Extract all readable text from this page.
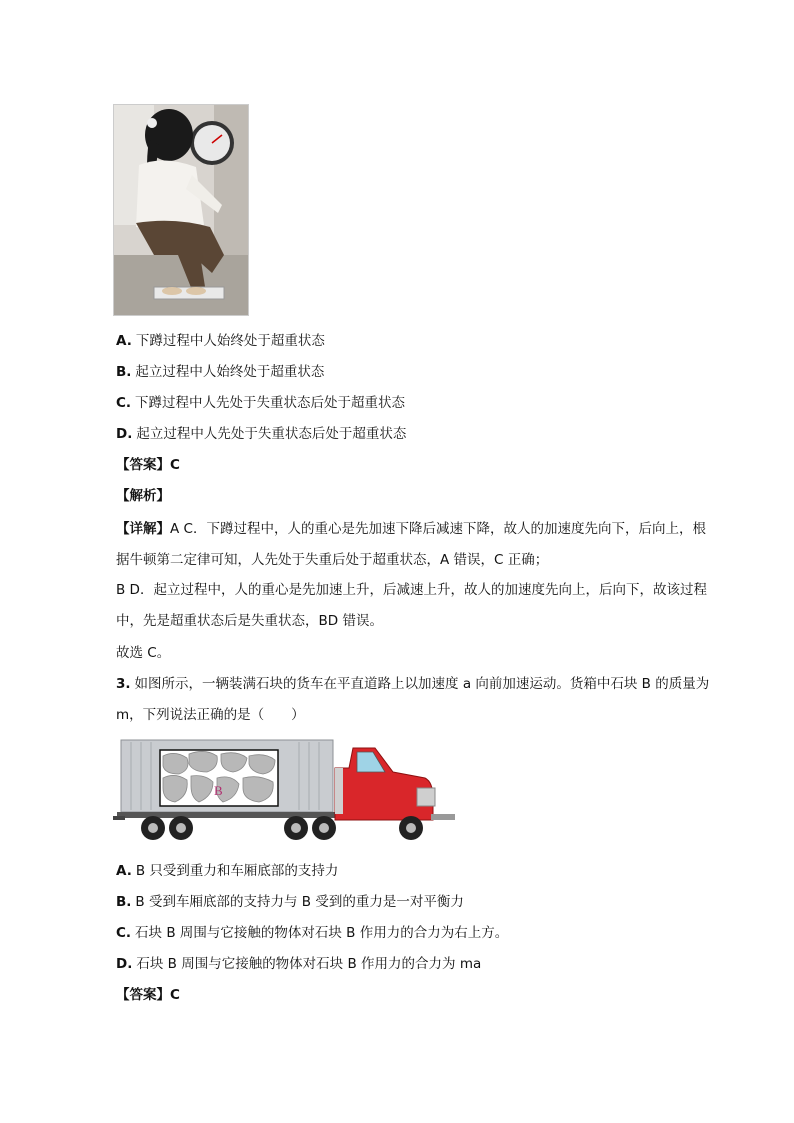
A. 下蹲过程中人始终处于超重状态
B. 起立过程中人始终处于超重状态
C. 下蹲过程中人先处于失重状态后处于超重状态
D. 起立过程中人先处于失重状态后处于超重状态
【答案】C
【解析】
【详解】A C．下蹲过程中，人的重心是先加速下降后减速下降，故人的加速度先向下，后向上，根据牛顿第二定律可知，人先处于失重后处于超重状态，A 错误，C 正确；
B D．起立过程中，人的重心是先加速上升，后减速上升，故人的加速度先向上，后向下，故该过程中，先是超重状态后是失重状态，BD 错误。
故选 C。
3. 如图所示，一辆装满石块的货车在平直道路上以加速度 a 向前加速运动。货箱中石块 B 的质量为 m，下列说法正确的是（　　）
B
A. B 只受到重力和车厢底部的支持力
B. B 受到车厢底部的支持力与 B 受到的重力是一对平衡力
C. 石块 B 周围与它接触的物体对石块 B 作用力的合力为右上方。
D. 石块 B 周围与它接触的物体对石块 B 作用力的合力为 ma
【答案】C
